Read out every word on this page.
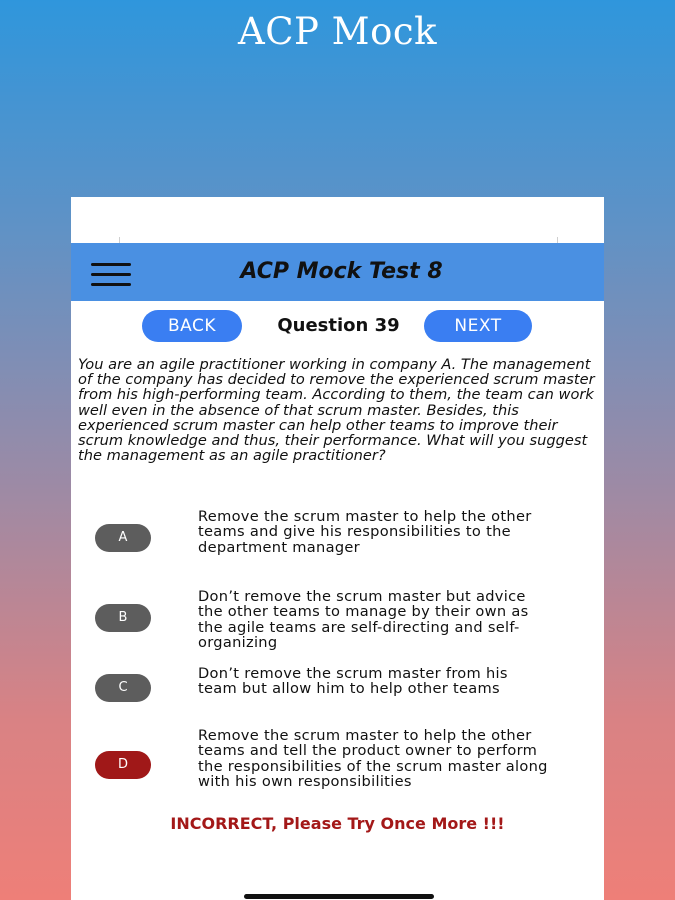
ACP Mock
ACP Mock Test 8
BACK	Question 39	NEXT
You are an agile practitioner working in company A. The management of the company has decided to remove the experienced scrum master from his high-performing team. According to them, the team can work well even in the absence of that scrum master. Besides, this experienced scrum master can help other teams to improve their scrum knowledge and thus, their performance. What will you suggest the management as an agile practitioner?
A
Remove the scrum master to help the other teams and give his responsibilities to the department manager
B
Don’t remove the scrum master but advice the other teams to manage by their own as the agile teams are self-directing and self-organizing
C
Don’t remove the scrum master from his team but allow him to help other teams
D
Remove the scrum master to help the other teams and tell the product owner to perform the responsibilities of the scrum master along with his own responsibilities
INCORRECT, Please Try Once More !!!
